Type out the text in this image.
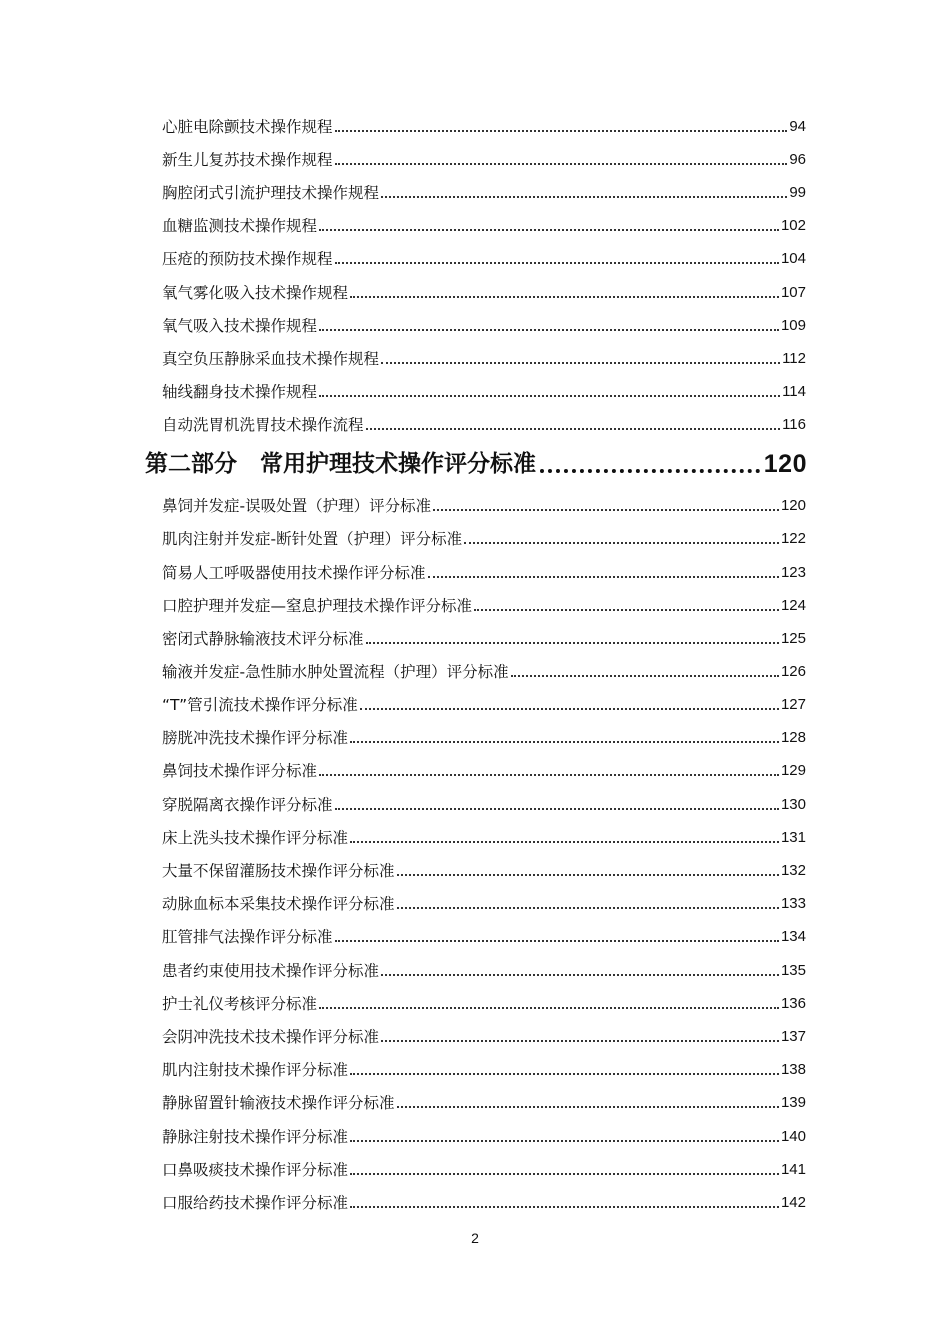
心脏电除颤技术操作规程	94
新生儿复苏技术操作规程	96
胸腔闭式引流护理技术操作规程	99
血糖监测技术操作规程	102
压疮的预防技术操作规程	104
氧气雾化吸入技术操作规程	107
氧气吸入技术操作规程	109
真空负压静脉采血技术操作规程	112
轴线翻身技术操作规程	114
自动洗胃机洗胃技术操作流程	116
第二部分　常用护理技术操作评分标准	120
鼻饲并发症-误吸处置（护理）评分标准	120
肌肉注射并发症-断针处置（护理）评分标准	122
简易人工呼吸器使用技术操作评分标准	123
口腔护理并发症—窒息护理技术操作评分标准	124
密闭式静脉输液技术评分标准	125
输液并发症-急性肺水肿处置流程（护理）评分标准	126
“T”管引流技术操作评分标准	127
膀胱冲洗技术操作评分标准	128
鼻饲技术操作评分标准	129
穿脱隔离衣操作评分标准	130
床上洗头技术操作评分标准	131
大量不保留灌肠技术操作评分标准	132
动脉血标本采集技术操作评分标准	133
肛管排气法操作评分标准	134
患者约束使用技术操作评分标准	135
护士礼仪考核评分标准	136
会阴冲洗技术技术操作评分标准	137
肌内注射技术操作评分标准	138
静脉留置针输液技术操作评分标准	139
静脉注射技术操作评分标准	140
口鼻吸痰技术操作评分标准	141
口服给药技术操作评分标准	142
2
